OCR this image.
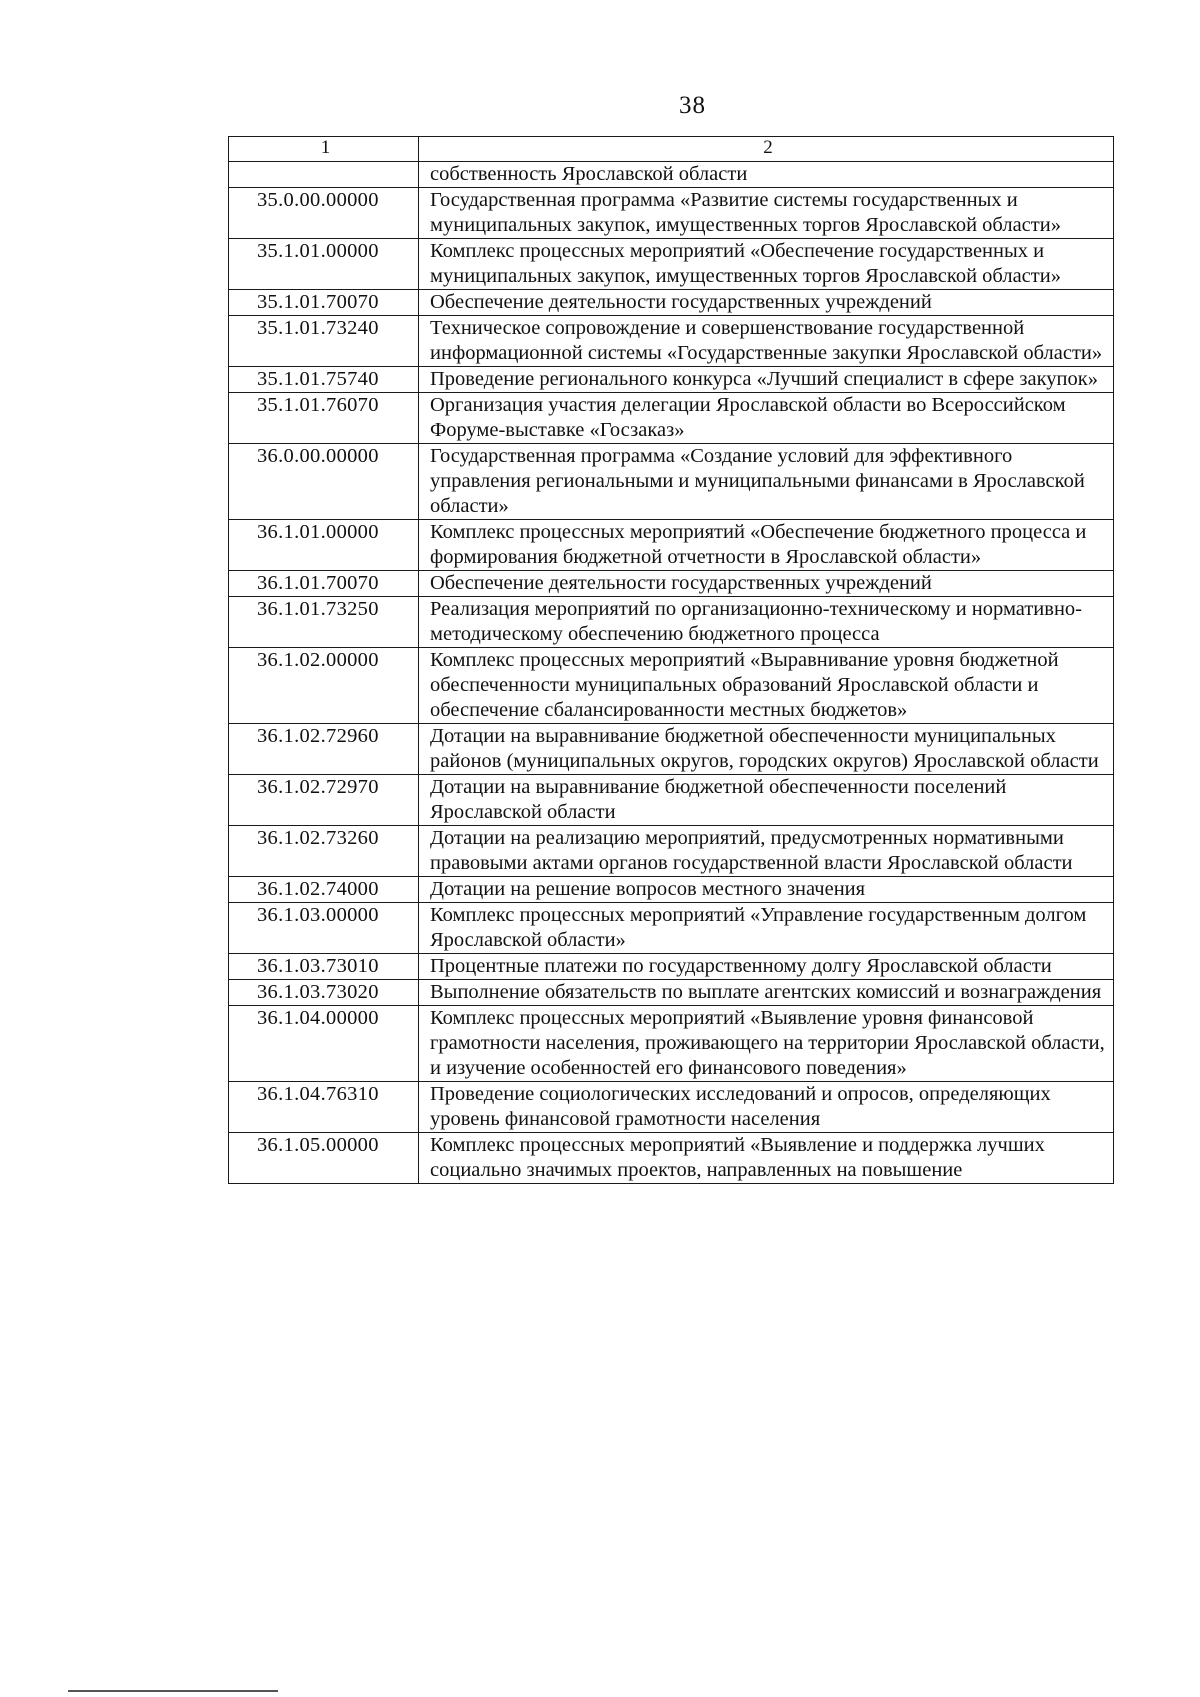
38
1	2
	собственность Ярославской области
35.0.00.00000	Государственная программа «Развитие системы государственных и муниципальных закупок, имущественных торгов Ярославской области»
35.1.01.00000	Комплекс процессных мероприятий «Обеспечение государственных и муниципальных закупок, имущественных торгов Ярославской области»
35.1.01.70070	Обеспечение деятельности государственных учреждений
35.1.01.73240	Техническое сопровождение и совершенствование государственной информационной системы «Государственные закупки Ярославской области»
35.1.01.75740	Проведение регионального конкурса «Лучший специалист в сфере закупок»
35.1.01.76070	Организация участия делегации Ярославской области во Всероссийском Форуме-выставке «Госзаказ»
36.0.00.00000	Государственная программа «Создание условий для эффективного управления региональными и муниципальными финансами в Ярославской области»
36.1.01.00000	Комплекс процессных мероприятий «Обеспечение бюджетного процесса и формирования бюджетной отчетности в Ярославской области»
36.1.01.70070	Обеспечение деятельности государственных учреждений
36.1.01.73250	Реализация мероприятий по организационно-техническому и нормативно-методическому обеспечению бюджетного процесса
36.1.02.00000	Комплекс процессных мероприятий «Выравнивание уровня бюджетной обеспеченности муниципальных образований Ярославской области и обеспечение сбалансированности местных бюджетов»
36.1.02.72960	Дотации на выравнивание бюджетной обеспеченности муниципальных районов (муниципальных округов, городских округов) Ярославской области
36.1.02.72970	Дотации на выравнивание бюджетной обеспеченности поселений Ярославской области
36.1.02.73260	Дотации на реализацию мероприятий, предусмотренных нормативными правовыми актами органов государственной власти Ярославской области
36.1.02.74000	Дотации на решение вопросов местного значения
36.1.03.00000	Комплекс процессных мероприятий «Управление государственным долгом Ярославской области»
36.1.03.73010	Процентные платежи по государственному долгу Ярославской области
36.1.03.73020	Выполнение обязательств по выплате агентских комиссий и вознаграждения
36.1.04.00000	Комплекс процессных мероприятий «Выявление уровня финансовой грамотности населения, проживающего на территории Ярославской области, и изучение особенностей его финансового поведения»
36.1.04.76310	Проведение социологических исследований и опросов, определяющих уровень финансовой грамотности населения
36.1.05.00000	Комплекс процессных мероприятий «Выявление и поддержка лучших социально значимых проектов, направленных на повышение
